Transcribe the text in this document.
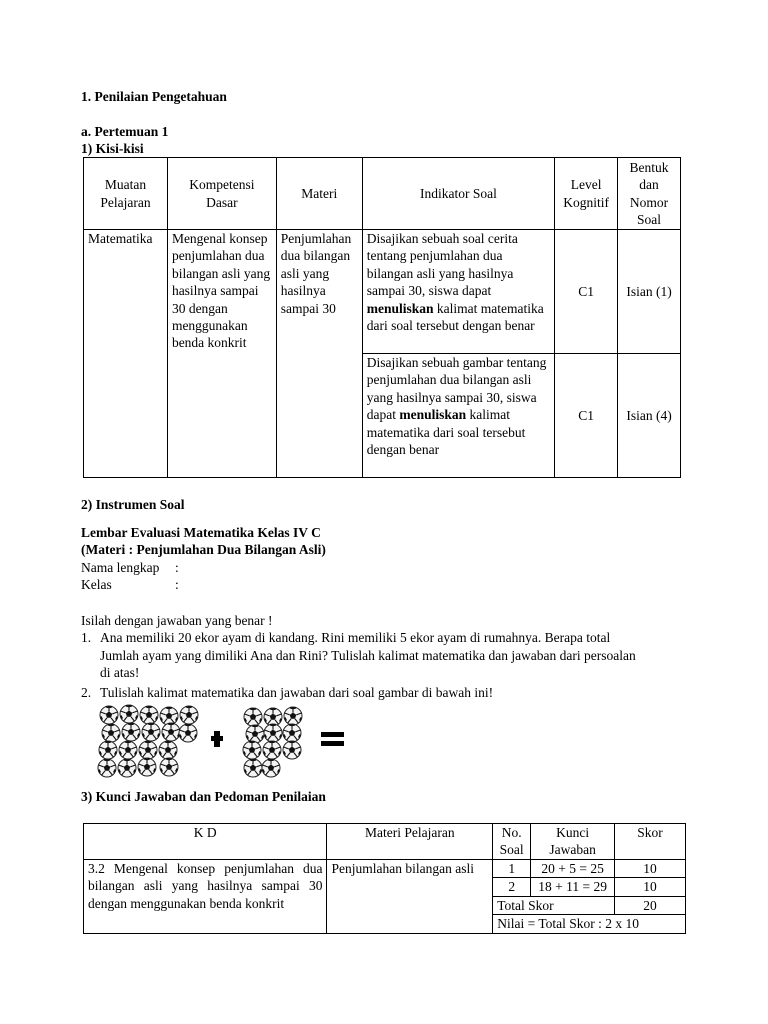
1. Penilaian Pengetahuan
a. Pertemuan 1
1) Kisi-kisi
Muatan Pelajaran	Kompetensi Dasar	Materi	Indikator Soal	Level Kognitif	Bentuk dan Nomor Soal
Matematika	Mengenal konsep penjumlahan dua bilangan asli yang hasilnya sampai 30 dengan menggunakan benda konkrit	Penjumlahan dua bilangan asli yang hasilnya sampai 30	Disajikan sebuah soal cerita tentang penjumlahan dua bilangan asli yang hasilnya sampai 30, siswa dapat menuliskan kalimat matematika dari soal tersebut dengan benar	C1	Isian (1)
			Disajikan sebuah gambar tentang penjumlahan dua bilangan asli yang hasilnya sampai 30, siswa dapat menuliskan kalimat matematika dari soal tersebut dengan benar	C1	Isian (4)
2) Instrumen Soal
Lembar Evaluasi Matematika Kelas IV C
(Materi : Penjumlahan Dua Bilangan Asli)
Nama lengkap :
Kelas	:
Isilah dengan jawaban yang benar !
1. Ana memiliki 20 ekor ayam di kandang. Rini memiliki 5 ekor ayam di rumahnya. Berapa total
Jumlah ayam yang dimiliki Ana dan Rini? Tulislah kalimat matematika dan jawaban dari persoalan
di atas!
2. Tulislah kalimat matematika dan jawaban dari soal gambar di bawah ini!
3) Kunci Jawaban dan Pedoman Penilaian
K D	Materi Pelajaran	No. Soal	Kunci Jawaban	Skor
3.2 Mengenal konsep penjumlahan dua bilangan asli yang hasilnya sampai 30 dengan menggunakan benda konkrit	Penjumlahan bilangan asli	1	20 + 5 = 25	10
		2	18 + 11 = 29	10
		Total Skor		20
		Nilai = Total Skor : 2 x 10		
